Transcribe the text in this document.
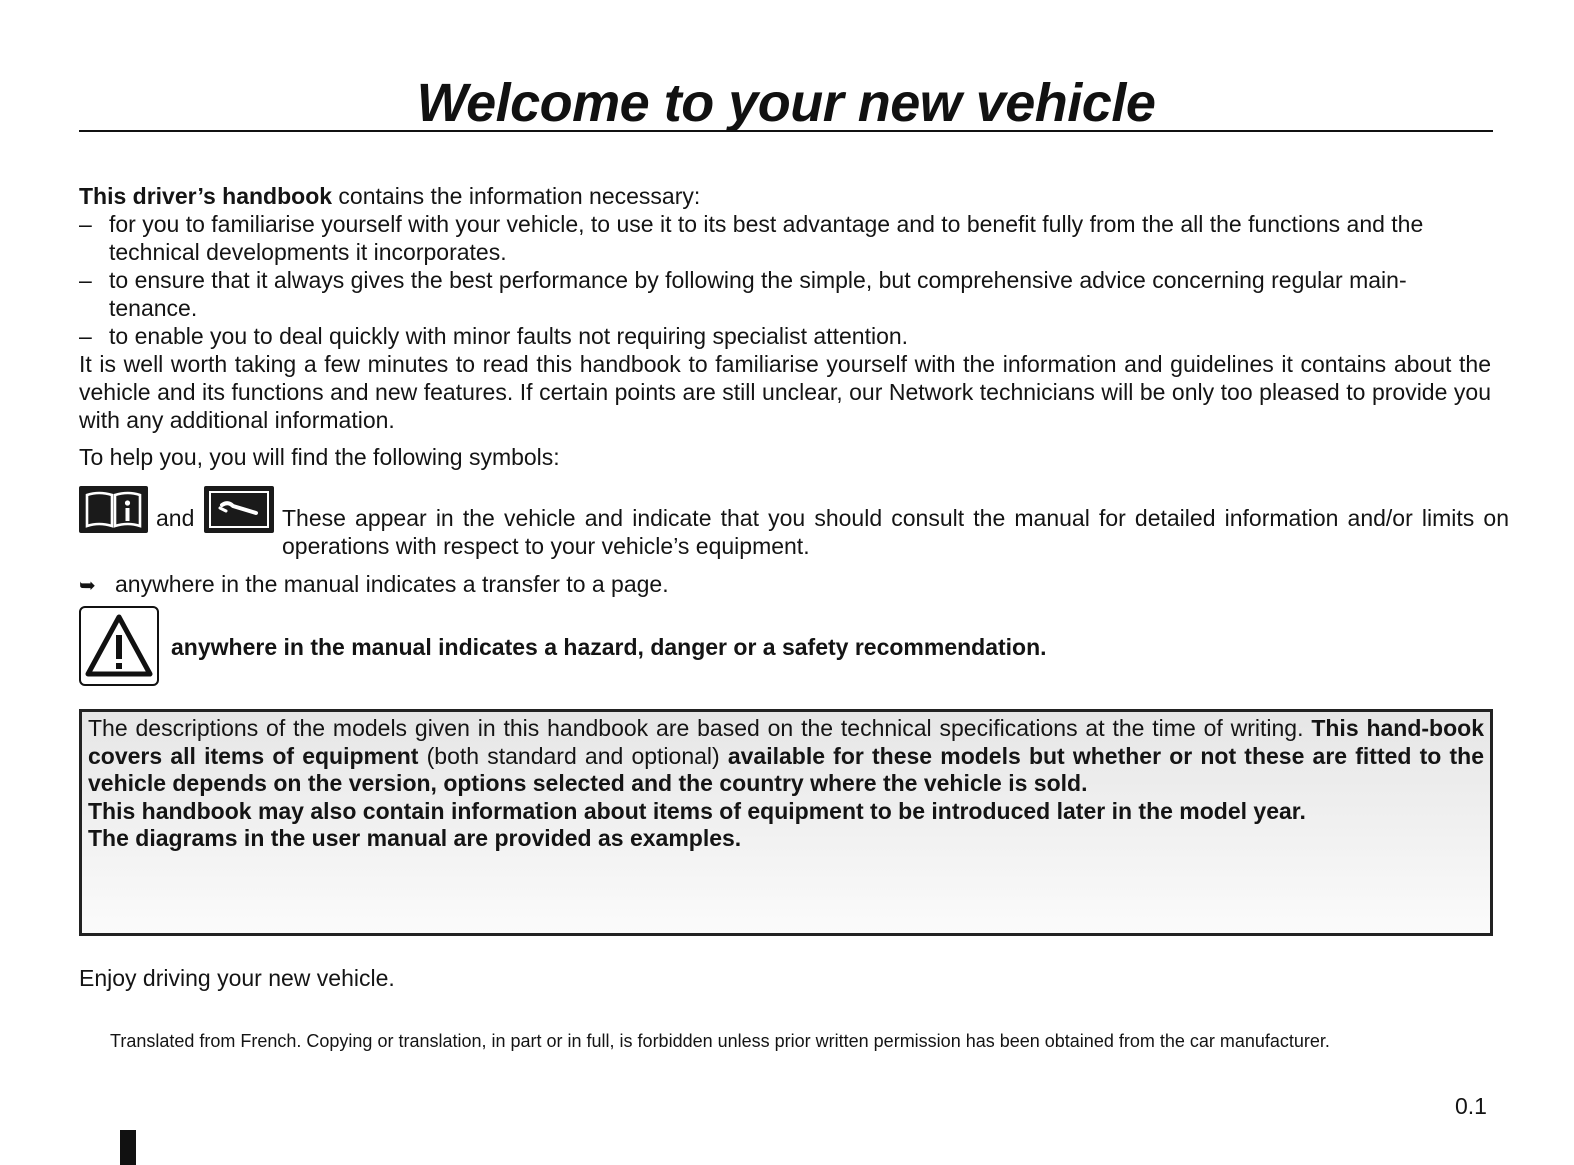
Welcome to your new vehicle
This driver’s handbook contains the information necessary:
– for you to familiarise yourself with your vehicle, to use it to its best advantage and to benefit fully from the all the functions and the technical developments it incorporates.
– to ensure that it always gives the best performance by following the simple, but comprehensive advice concerning regular main-tenance.
– to enable you to deal quickly with minor faults not requiring specialist attention.
It is well worth taking a few minutes to read this handbook to familiarise yourself with the information and guidelines it contains about the vehicle and its functions and new features. If certain points are still unclear, our Network technicians will be only too pleased to provide you with any additional information.
To help you, you will find the following symbols:
and	These appear in the vehicle and indicate that you should consult the manual for detailed information and/or limits on operations with respect to your vehicle’s equipment.
➥ anywhere in the manual indicates a transfer to a page.
anywhere in the manual indicates a hazard, danger or a safety recommendation.

The descriptions of the models given in this handbook are based on the technical specifications at the time of writing. This hand-book covers all items of equipment (both standard and optional) available for these models but whether or not these are fitted to the vehicle depends on the version, options selected and the country where the vehicle is sold.

This handbook may also contain information about items of equipment to be introduced later in the model year.

The diagrams in the user manual are provided as examples.

Enjoy driving your new vehicle.
Translated from French. Copying or translation, in part or in full, is forbidden unless prior written permission has been obtained from the car manufacturer.
0.1
